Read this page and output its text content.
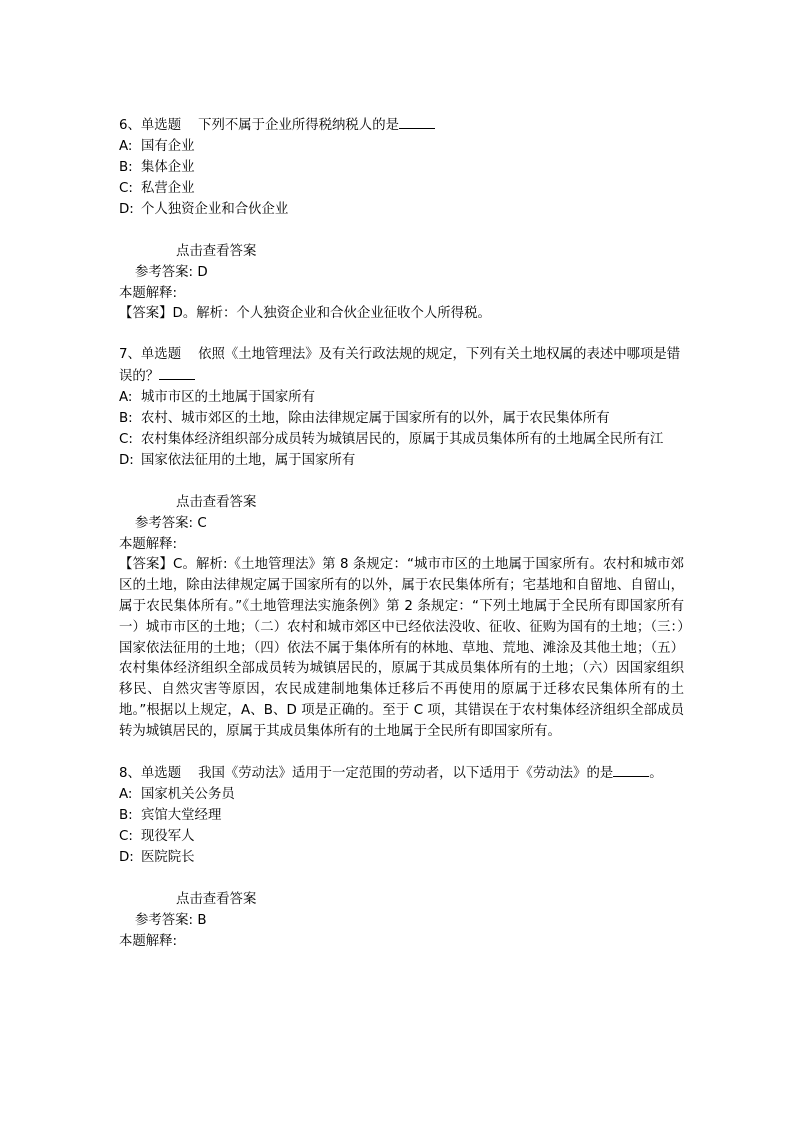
6、单选题 下列不属于企业所得税纳税人的是
A: 国有企业
B: 集体企业
C: 私营企业
D: 个人独资企业和合伙企业
点击查看答案
参考答案: D
本题解释:
【答案】D。解析：个人独资企业和合伙企业征收个人所得税。
7、单选题 依照《土地管理法》及有关行政法规的规定，下列有关土地权属的表述中哪项是错误的？
A: 城市市区的土地属于国家所有
B: 农村、城市郊区的土地，除由法律规定属于国家所有的以外，属于农民集体所有
C: 农村集体经济组织部分成员转为城镇居民的，原属于其成员集体所有的土地属全民所有江
D: 国家依法征用的土地，属于国家所有
点击查看答案
参考答案: C
本题解释:
【答案】C。解析:《土地管理法》第 8 条规定：“城市市区的土地属于国家所有。农村和城市郊区的土地，除由法律规定属于国家所有的以外，属于农民集体所有；宅基地和自留地、自留山，属于农民集体所有。”《土地管理法实施条例》第 2 条规定：“下列土地属于全民所有即国家所有一）城市市区的土地；（二）农村和城市郊区中已经依法没收、征收、征购为国有的土地；（三：）国家依法征用的土地；（四）依法不属于集体所有的林地、草地、荒地、滩涂及其他土地；（五）农村集体经济组织全部成员转为城镇居民的，原属于其成员集体所有的土地；（六）因国家组织移民、自然灾害等原因，农民成建制地集体迁移后不再使用的原属于迁移农民集体所有的土地。”根据以上规定，A、B、D 项是正确的。至于 C 项，其错误在于农村集体经济组织全部成员转为城镇居民的，原属于其成员集体所有的土地属于全民所有即国家所有。
8、单选题 我国《劳动法》适用于一定范围的劳动者，以下适用于《劳动法》的是	。
A: 国家机关公务员
B: 宾馆大堂经理
C: 现役军人
D: 医院院长
点击查看答案
参考答案: B
本题解释:
